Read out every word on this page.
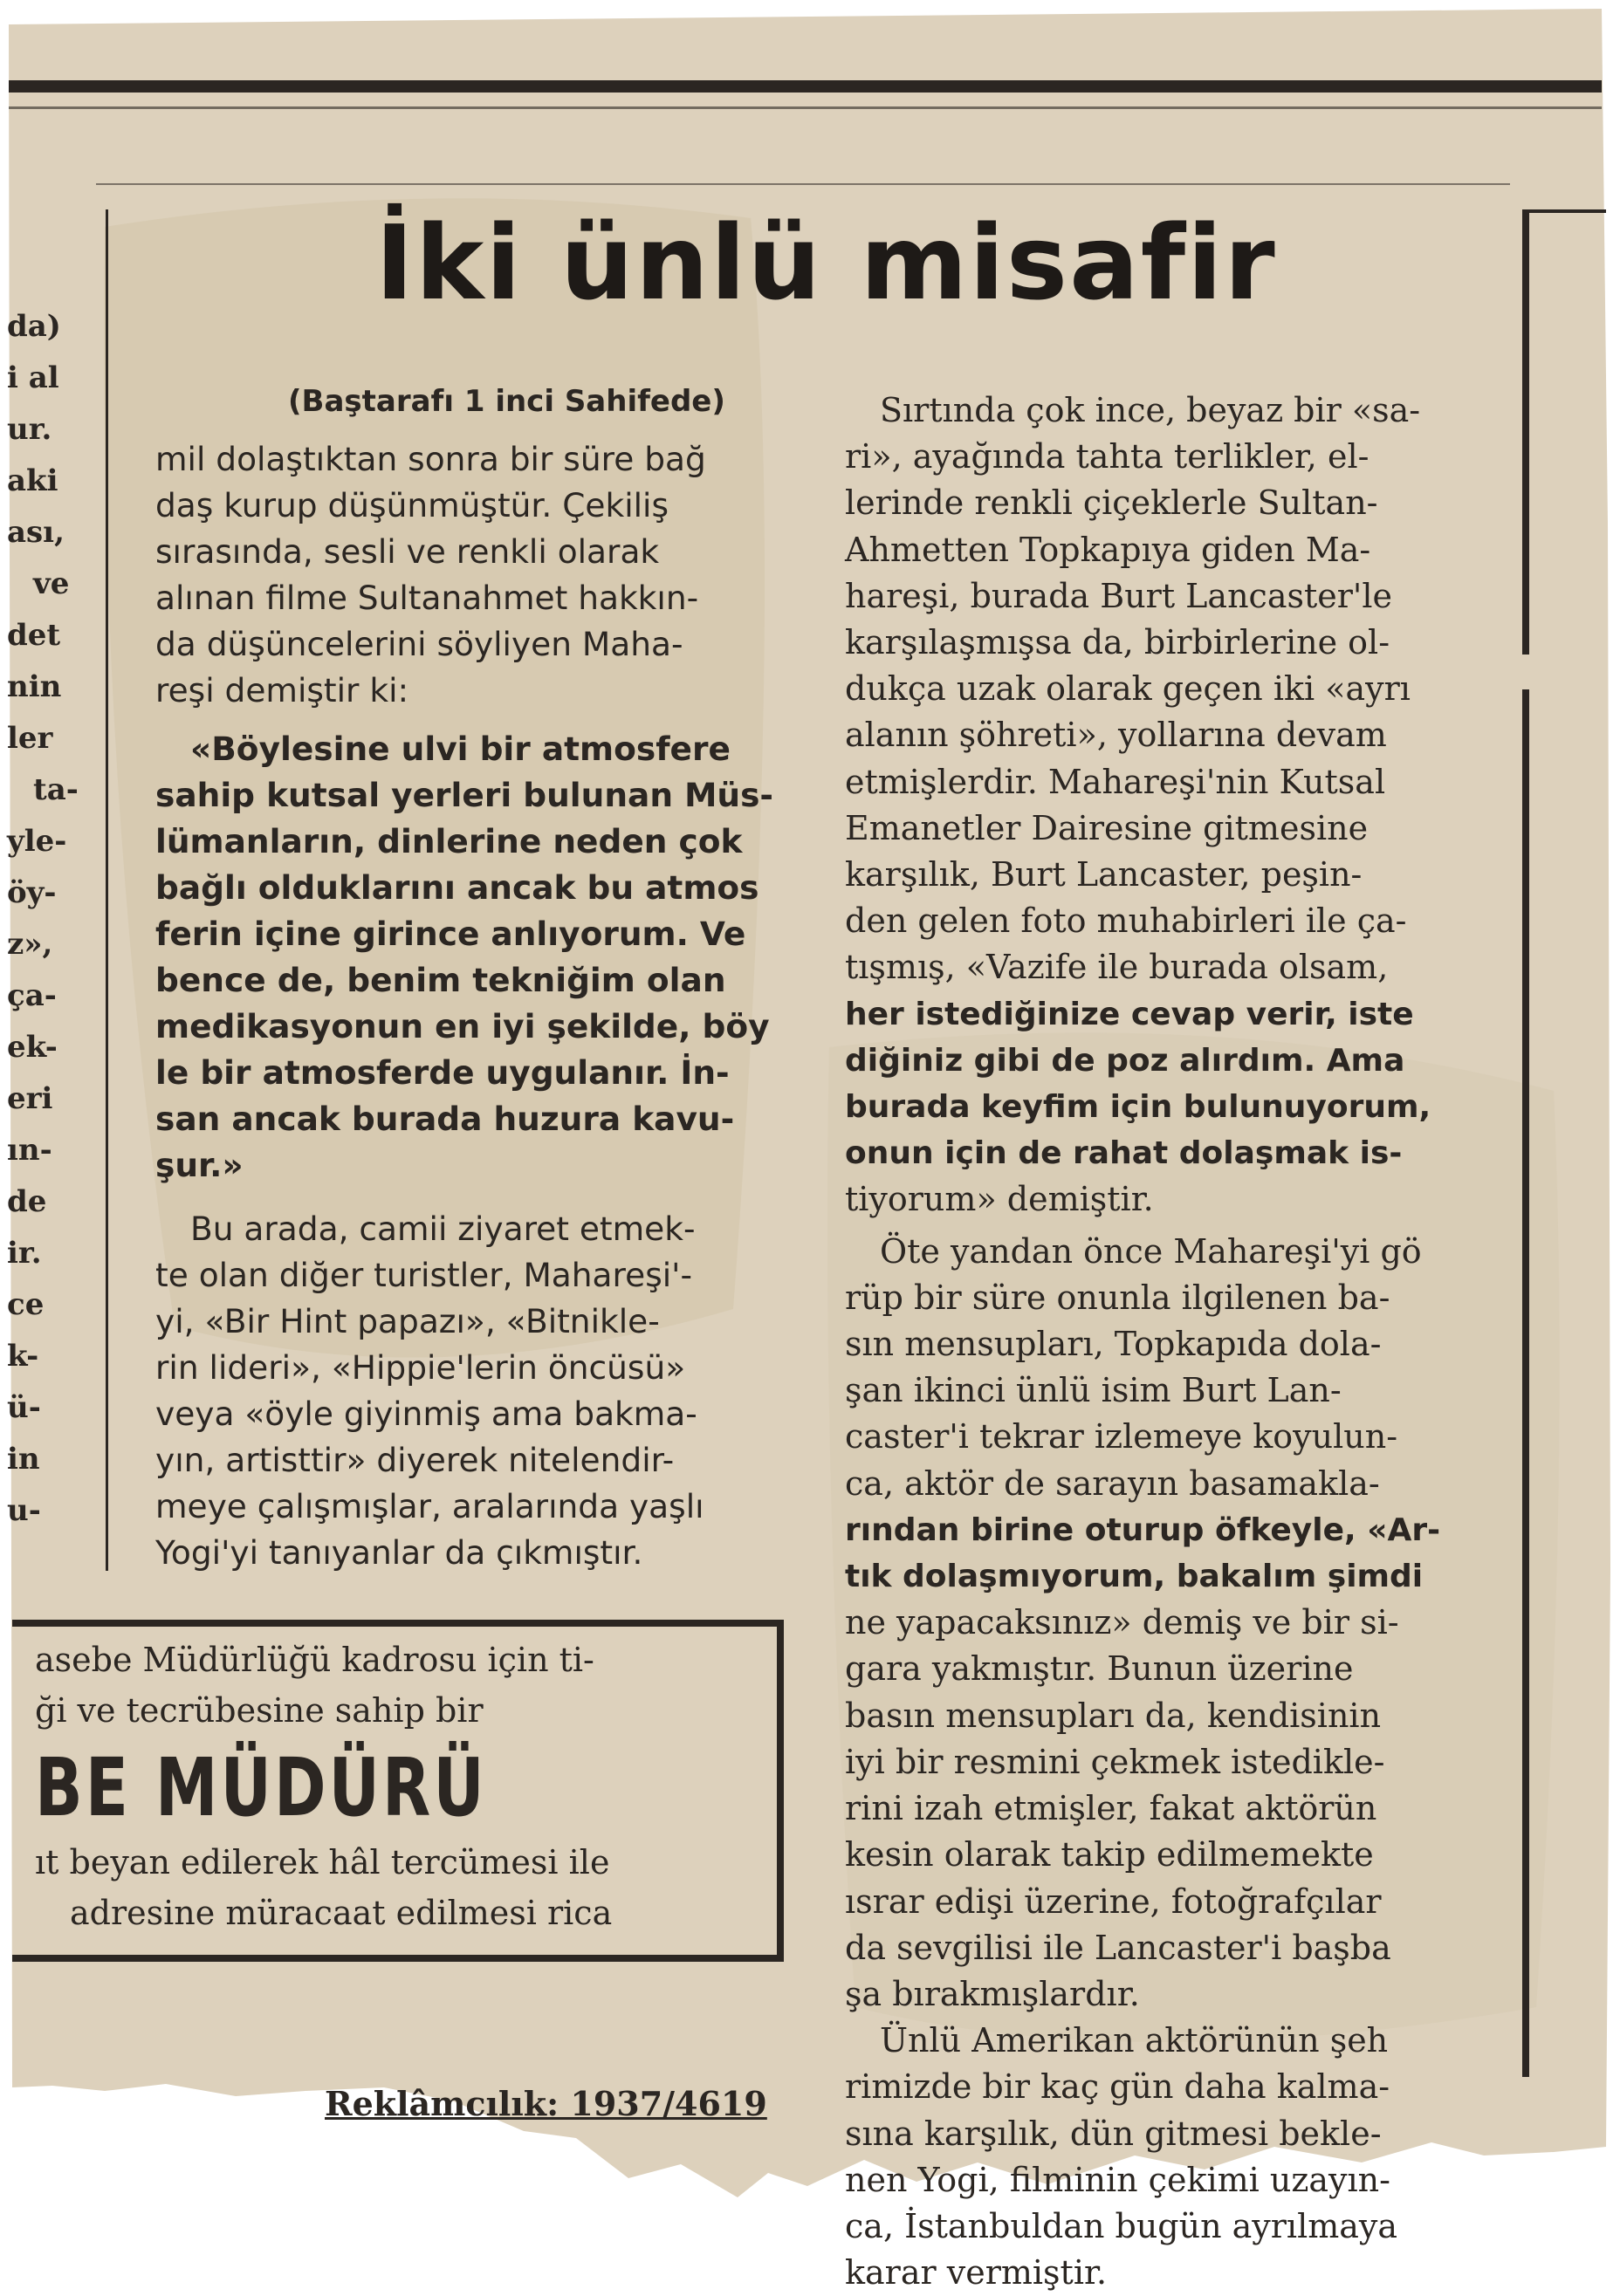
İki ünlü misafir
da)
i al
ur.
aki
ası,
ve
det
nin
ler
ta-
yle-
öy-
z»,
ça-
ek-
eri
ın-
de
ir.
ce
k-
ü-
in
u-
(Baştarafı 1 inci Sahifede)
mil dolaştıktan sonra bir süre bağ
daş kurup düşünmüştür. Çekiliş
sırasında, sesli ve renkli olarak
alınan filme Sultanahmet hakkın-
da düşüncelerini söyliyen Maha-
reşi demiştir ki:
«Böylesine ulvi bir atmosfere
sahip kutsal yerleri bulunan Müs-
lümanların, dinlerine neden çok
bağlı olduklarını ancak bu atmos
ferin içine girince anlıyorum. Ve
bence de, benim tekniğim olan
medikasyonun en iyi şekilde, böy
le bir atmosferde uygulanır. İn-
san ancak burada huzura kavu-
şur.»
Bu arada, camii ziyaret etmek-
te olan diğer turistler, Mahareşi'-
yi, «Bir Hint papazı», «Bitnikle-
rin lideri», «Hippie'lerin öncüsü»
veya «öyle giyinmiş ama bakma-
yın, artisttir» diyerek nitelendir-
meye çalışmışlar, aralarında yaşlı
Yogi'yi tanıyanlar da çıkmıştır.
Sırtında çok ince, beyaz bir «sa-
ri», ayağında tahta terlikler, el-
lerinde renkli çiçeklerle Sultan-
Ahmetten Topkapıya giden Ma-
hareşi, burada Burt Lancaster'le
karşılaşmışsa da, birbirlerine ol-
dukça uzak olarak geçen iki «ayrı
alanın şöhreti», yollarına devam
etmişlerdir. Mahareşi'nin Kutsal
Emanetler Dairesine gitmesine
karşılık, Burt Lancaster, peşin-
den gelen foto muhabirleri ile ça-
tışmış, «Vazife ile burada olsam,
her istediğinize cevap verir, iste
diğiniz gibi de poz alırdım. Ama
burada keyfim için bulunuyorum,
onun için de rahat dolaşmak is-
tiyorum» demiştir.
Öte yandan önce Mahareşi'yi gö
rüp bir süre onunla ilgilenen ba-
sın mensupları, Topkapıda dola-
şan ikinci ünlü isim Burt Lan-
caster'i tekrar izlemeye koyulun-
ca, aktör de sarayın basamakla-
rından birine oturup öfkeyle, «Ar-
tık dolaşmıyorum, bakalım şimdi
ne yapacaksınız» demiş ve bir si-
gara yakmıştır. Bunun üzerine
basın mensupları da, kendisinin
iyi bir resmini çekmek istedikle-
rini izah etmişler, fakat aktörün
kesin olarak takip edilmemekte
ısrar edişi üzerine, fotoğrafçılar
da sevgilisi ile Lancaster'i başba
şa bırakmışlardır.
Ünlü Amerikan aktörünün şeh
rimizde bir kaç gün daha kalma-
sına karşılık, dün gitmesi bekle-
nen Yogi, filminin çekimi uzayın-
ca, İstanbuldan bugün ayrılmaya
karar vermiştir.
asebe Müdürlüğü kadrosu için ti-
ği ve tecrübesine sahip bir
BE MÜDÜRÜ
ıt beyan edilerek hâl tercümesi ile
adresine müracaat edilmesi rica
Reklâmcılık: 1937/4619
